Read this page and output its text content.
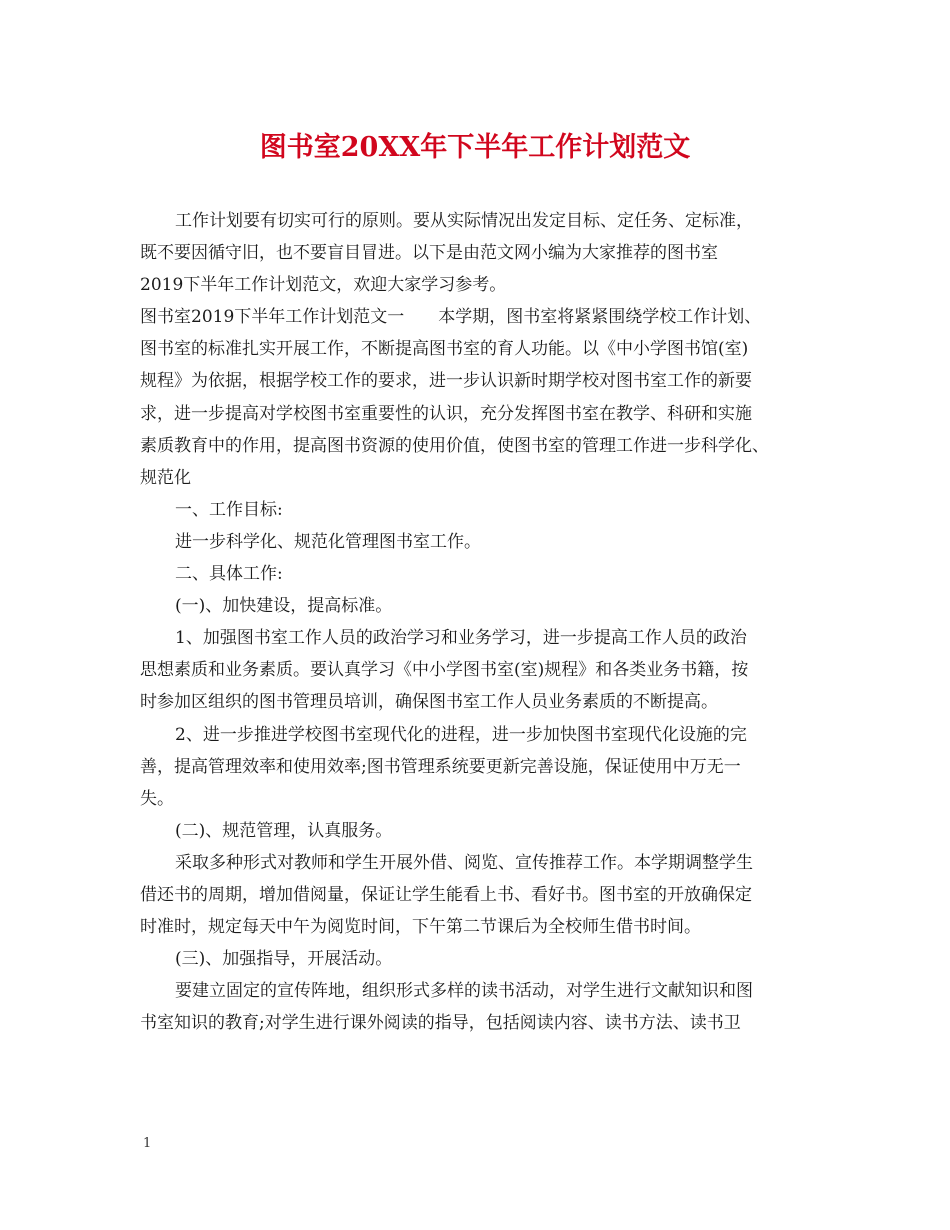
图书室20XX年下半年工作计划范文

工作计划要有切实可行的原则。要从实际情况出发定目标、定任务、定标准，

既不要因循守旧，也不要盲目冒进。以下是由范文网小编为大家推荐的图书室

2019下半年工作计划范文，欢迎大家学习参考。

图书室2019下半年工作计划范文一　　本学期，图书室将紧紧围绕学校工作计划、

图书室的标准扎实开展工作，不断提高图书室的育人功能。以《中小学图书馆(室)

规程》为依据，根据学校工作的要求，进一步认识新时期学校对图书室工作的新要

求，进一步提高对学校图书室重要性的认识，充分发挥图书室在教学、科研和实施

素质教育中的作用，提高图书资源的使用价值，使图书室的管理工作进一步科学化、

规范化

一、工作目标:

进一步科学化、规范化管理图书室工作。

二、具体工作:

(一)、加快建设，提高标准。

1、加强图书室工作人员的政治学习和业务学习，进一步提高工作人员的政治

思想素质和业务素质。要认真学习《中小学图书室(室)规程》和各类业务书籍，按

时参加区组织的图书管理员培训，确保图书室工作人员业务素质的不断提高。

2、进一步推进学校图书室现代化的进程，进一步加快图书室现代化设施的完

善，提高管理效率和使用效率;图书管理系统要更新完善设施，保证使用中万无一

失。

(二)、规范管理，认真服务。

采取多种形式对教师和学生开展外借、阅览、宣传推荐工作。本学期调整学生

借还书的周期，增加借阅量，保证让学生能看上书、看好书。图书室的开放确保定

时准时，规定每天中午为阅览时间，下午第二节课后为全校师生借书时间。

(三)、加强指导，开展活动。

要建立固定的宣传阵地，组织形式多样的读书活动，对学生进行文献知识和图

书室知识的教育;对学生进行课外阅读的指导，包括阅读内容、读书方法、读书卫

1
